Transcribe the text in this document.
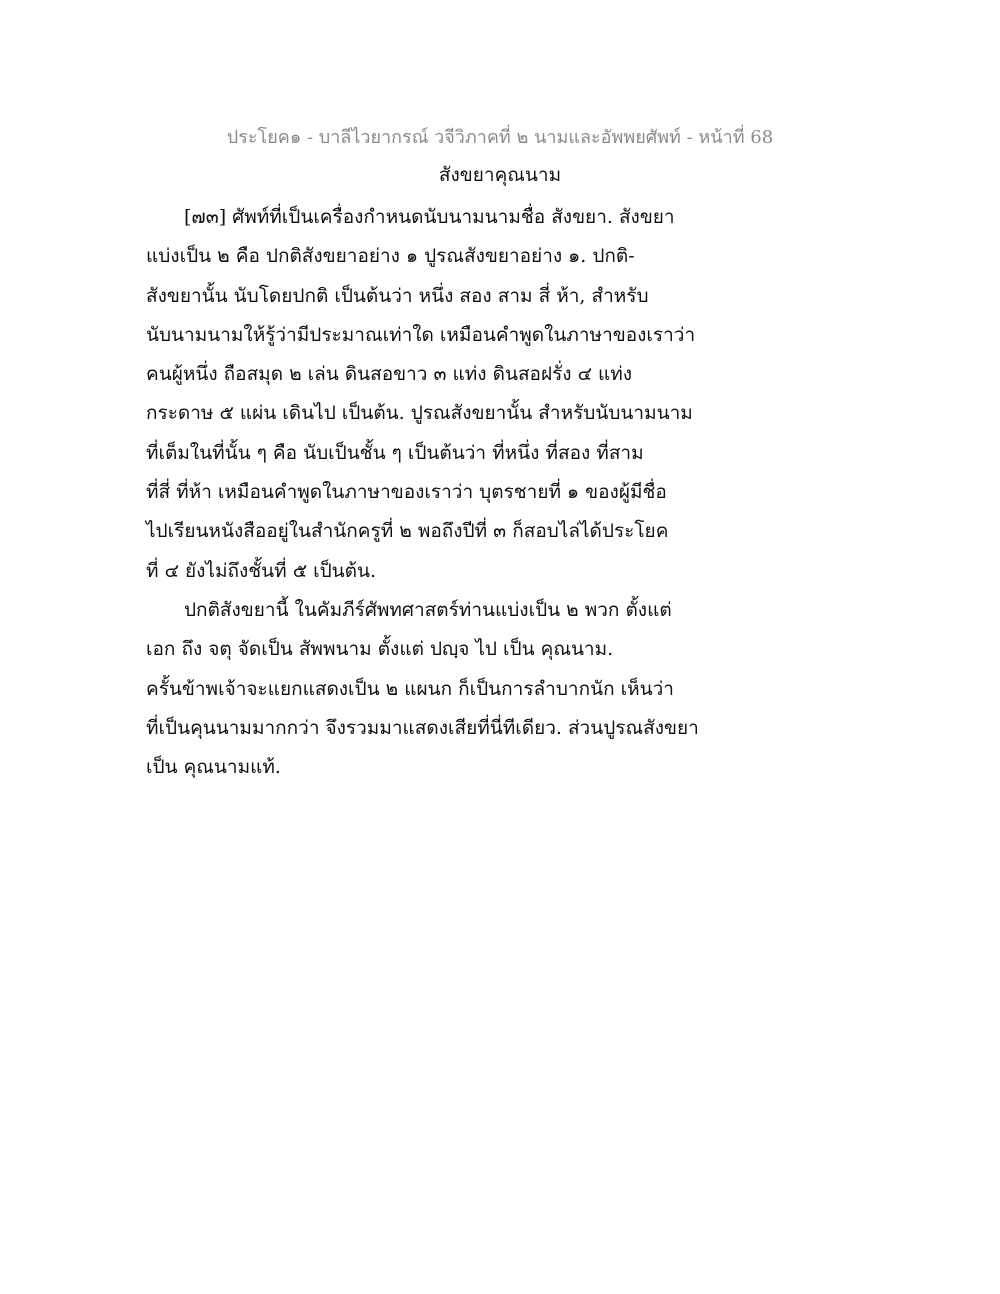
ประโยค๑ - บาลีไวยากรณ์ วจีวิภาคที่ ๒ นามและอัพพยศัพท์ - หน้าที่ 68
สังขยาคุณนาม
[๗๓] ศัพท์ที่เป็นเครื่องกำหนดนับนามนามชื่อ สังขยา. สังขยา
แบ่งเป็น ๒ คือ ปกติสังขยาอย่าง ๑ ปูรณสังขยาอย่าง ๑. ปกติ-
สังขยานั้น นับโดยปกติ เป็นต้นว่า หนึ่ง สอง สาม สี่ ห้า, สำหรับ
นับนามนามให้รู้ว่ามีประมาณเท่าใด เหมือนคำพูดในภาษาของเราว่า
คนผู้หนึ่ง ถือสมุด ๒ เล่น ดินสอขาว ๓ แท่ง ดินสอฝรั่ง ๔ แท่ง
กระดาษ ๕ แผ่น เดินไป เป็นต้น. ปูรณสังขยานั้น สำหรับนับนามนาม
ที่เต็มในที่นั้น ๆ คือ นับเป็นชั้น ๆ เป็นต้นว่า ที่หนึ่ง ที่สอง ที่สาม
ที่สี่ ที่ห้า เหมือนคำพูดในภาษาของเราว่า บุตรชายที่ ๑ ของผู้มีชื่อ
ไปเรียนหนังสืออยู่ในสำนักครูที่ ๒ พอถึงปีที่ ๓ ก็สอบไล่ได้ประโยค
ที่ ๔ ยังไม่ถึงชั้นที่ ๕ เป็นต้น.
ปกติสังขยานี้ ในคัมภีร์ศัพทศาสตร์ท่านแบ่งเป็น ๒ พวก ตั้งแต่
เอก ถึง จตุ จัดเป็น สัพพนาม ตั้งแต่ ปญฺจ ไป เป็น คุณนาม.
ครั้นข้าพเจ้าจะแยกแสดงเป็น ๒ แผนก ก็เป็นการลำบากนัก เห็นว่า
ที่เป็นคุนนามมากกว่า จึงรวมมาแสดงเสียที่นี่ทีเดียว. ส่วนปูรณสังขยา
เป็น คุณนามแท้.
